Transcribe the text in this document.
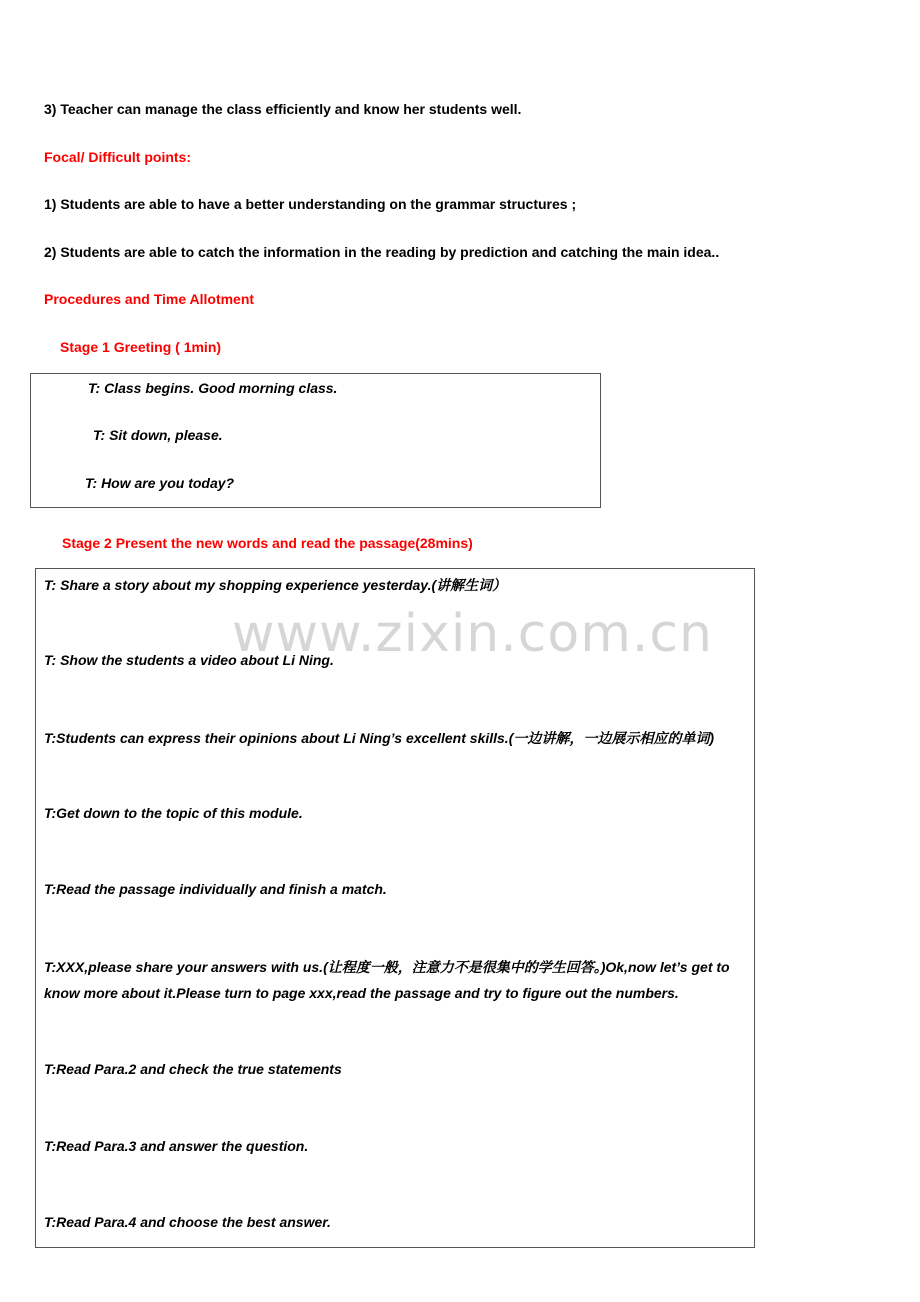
3) Teacher can manage the class efficiently and know her students well.
Focal/ Difficult points:
1) Students are able to have a better understanding on the grammar structures ;
2) Students are able to catch the information in the reading by prediction and catching the main idea..
Procedures and Time Allotment
Stage 1 Greeting ( 1min)
T: Class begins. Good morning class.
T: Sit down, please.
T: How are you today?
Stage 2 Present the new words and read the passage(28mins)
T: Share a story about my shopping experience yesterday.(讲解生词）
T: Show the students a video about Li Ning.
T:Students can express their opinions about Li Ning’s excellent skills.(一边讲解，一边展示相应的单词)
T:Get down to the topic of this module.
T:Read the passage individually and finish a match.
T:XXX,please share your answers with us.(让程度一般，注意力不是很集中的学生回答。)Ok,now let’s get to know more about it.Please turn to page xxx,read the passage and try to figure out the numbers.
T:Read Para.2 and check the true statements
T:Read Para.3 and answer the question.
T:Read Para.4 and choose the best answer.
www.zixin.com.cn
